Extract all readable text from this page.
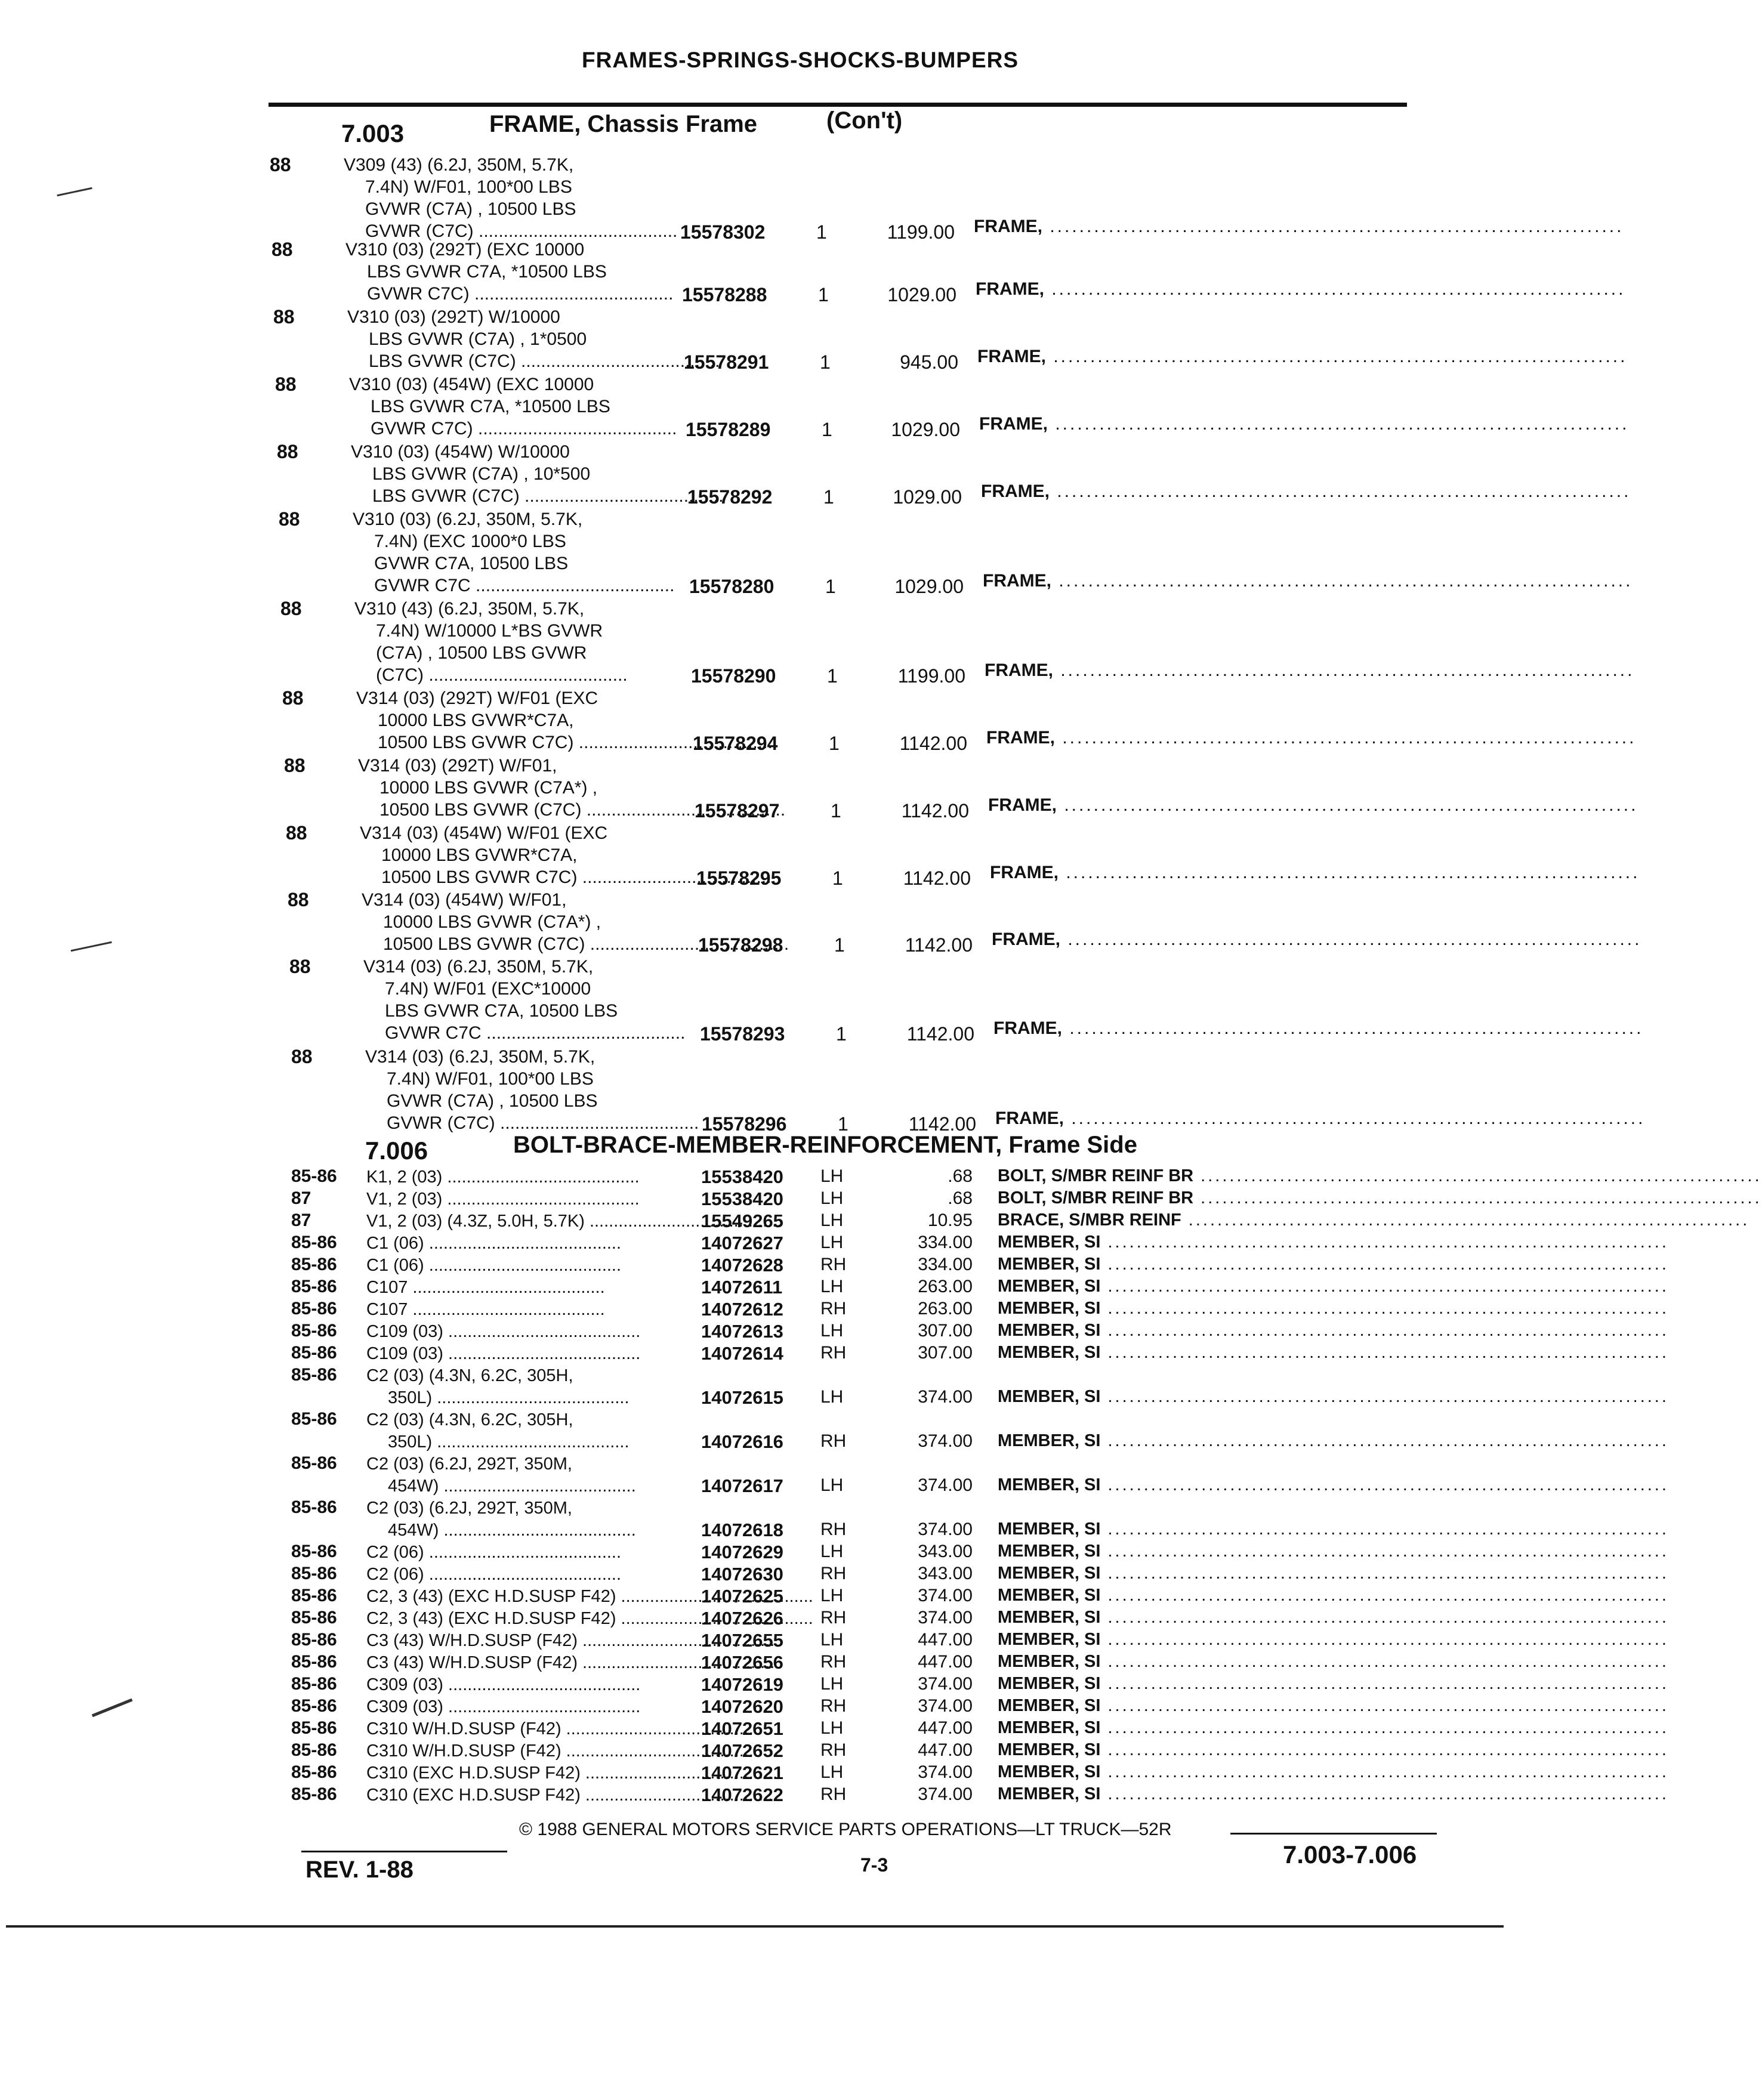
FRAMES-SPRINGS-SHOCKS-BUMPERS
7.003	FRAME, Chassis Frame	(Con't)
88	V309 (43) (6.2J, 350M, 5.7K,
7.4N) W/F01, 100*00 LBS
GVWR (C7A) , 10500 LBS
GVWR (C7C) .....	15578302	1	1199.00 FRAME, ..............................................................................
88	V310 (03) (292T) (EXC 10000
LBS GVWR C7A, *10500 LBS
GVWR C7C) .....	15578288	1	1029.00 FRAME, ..............................................................................
88	V310 (03) (292T) W/10000
LBS GVWR (C7A) , 1*0500
LBS GVWR (C7C) .....	15578291	1	945.00 FRAME, ..............................................................................
88	V310 (03) (454W) (EXC 10000
LBS GVWR C7A, *10500 LBS
GVWR C7C) .....	15578289	1	1029.00 FRAME, ..............................................................................
88	V310 (03) (454W) W/10000
LBS GVWR (C7A) , 10*500
LBS GVWR (C7C) .....	15578292	1	1029.00 FRAME, ..............................................................................
88	V310 (03) (6.2J, 350M, 5.7K,
7.4N) (EXC 1000*0 LBS
GVWR C7A, 10500 LBS
GVWR C7C .....	15578280	1	1029.00 FRAME, ..............................................................................
88	V310 (43) (6.2J, 350M, 5.7K,
7.4N) W/10000 L*BS GVWR
(C7A) , 10500 LBS GVWR
(C7C) .....	15578290	1	1199.00 FRAME, ..............................................................................
88	V314 (03) (292T) W/F01 (EXC
10000 LBS GVWR*C7A,
10500 LBS GVWR C7C) .....	15578294	1	1142.00 FRAME, ..............................................................................
88	V314 (03) (292T) W/F01,
10000 LBS GVWR (C7A*) ,
10500 LBS GVWR (C7C) .....	15578297	1	1142.00 FRAME, ..............................................................................
88	V314 (03) (454W) W/F01 (EXC
10000 LBS GVWR*C7A,
10500 LBS GVWR C7C) .....	15578295	1	1142.00 FRAME, ..............................................................................
88	V314 (03) (454W) W/F01,
10000 LBS GVWR (C7A*) ,
10500 LBS GVWR (C7C) .....	15578298	1	1142.00 FRAME, ..............................................................................
88	V314 (03) (6.2J, 350M, 5.7K,
7.4N) W/F01 (EXC*10000
LBS GVWR C7A, 10500 LBS
GVWR C7C .....	15578293	1	1142.00 FRAME, ..............................................................................
88	V314 (03) (6.2J, 350M, 5.7K,
7.4N) W/F01, 100*00 LBS
GVWR (C7A) , 10500 LBS
GVWR (C7C) .....	15578296	1	1142.00 FRAME, ..............................................................................
7.006	BOLT-BRACE-MEMBER-REINFORCEMENT, Frame Side
85-86 K1, 2 (03) .....	15538420 LH	.68 BOLT, S/MBR REINF BR ..............................................................................
87	V1, 2 (03) .....	15538420 LH	.68 BOLT, S/MBR REINF BR ..............................................................................
87	V1, 2 (03) (4.3Z, 5.0H, 5.7K) .....	15549265 LH	10.95 BRACE, S/MBR REINF ..............................................................................
85-86 C1 (06) .....	14072627 LH	334.00 MEMBER, SI ..............................................................................
85-86 C1 (06) .....	14072628 RH	334.00 MEMBER, SI ..............................................................................
85-86 C107 .....	14072611 LH	263.00 MEMBER, SI ..............................................................................
85-86 C107 .....	14072612 RH	263.00 MEMBER, SI ..............................................................................
85-86 C109 (03) .....	14072613 LH	307.00 MEMBER, SI ..............................................................................
85-86 C109 (03) .....	14072614 RH	307.00 MEMBER, SI ..............................................................................
85-86 C2 (03) (4.3N, 6.2C, 305H,
350L) .....	14072615 LH	374.00 MEMBER, SI ..............................................................................
85-86 C2 (03) (4.3N, 6.2C, 305H,
350L) .....	14072616 RH	374.00 MEMBER, SI ..............................................................................
85-86 C2 (03) (6.2J, 292T, 350M,
454W) .....	14072617 LH	374.00 MEMBER, SI ..............................................................................
85-86 C2 (03) (6.2J, 292T, 350M,
454W) .....	14072618 RH	374.00 MEMBER, SI ..............................................................................
85-86 C2 (06) .....	14072629 LH	343.00 MEMBER, SI ..............................................................................
85-86 C2 (06) .....	14072630 RH	343.00 MEMBER, SI ..............................................................................
85-86 C2, 3 (43) (EXC H.D.SUSP F42) .....	14072625 LH	374.00 MEMBER, SI ..............................................................................
85-86 C2, 3 (43) (EXC H.D.SUSP F42) .....	14072626 RH	374.00 MEMBER, SI ..............................................................................
85-86 C3 (43) W/H.D.SUSP (F42) .....	14072655 LH	447.00 MEMBER, SI ..............................................................................
85-86 C3 (43) W/H.D.SUSP (F42) .....	14072656 RH	447.00 MEMBER, SI ..............................................................................
85-86 C309 (03) .....	14072619 LH	374.00 MEMBER, SI ..............................................................................
85-86 C309 (03) .....	14072620 RH	374.00 MEMBER, SI ..............................................................................
85-86 C310 W/H.D.SUSP (F42) .....	14072651 LH	447.00 MEMBER, SI ..............................................................................
85-86 C310 W/H.D.SUSP (F42) .....	14072652 RH	447.00 MEMBER, SI ..............................................................................
85-86 C310 (EXC H.D.SUSP F42) .....	14072621 LH	374.00 MEMBER, SI ..............................................................................
85-86 C310 (EXC H.D.SUSP F42) .....	14072622 RH	374.00 MEMBER, SI ..............................................................................
© 1988 GENERAL MOTORS SERVICE PARTS OPERATIONS—LT TRUCK—52R
REV. 1-88	7-3	7.003-7.006
